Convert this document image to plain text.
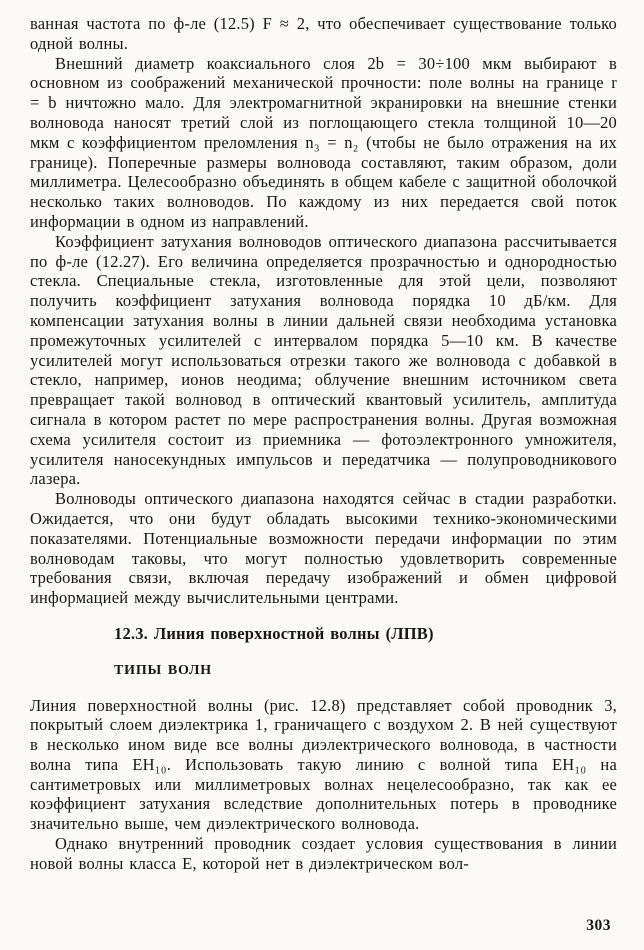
ванная частота по ф-ле (12.5) F ≈ 2, что обеспечивает существование только одной волны.

Внешний диаметр коаксиального слоя 2b = 30÷100 мкм выбирают в основном из соображений механической прочности: поле волны на границе r = b ничтожно мало. Для электромагнитной экранировки на внешние стенки волновода наносят третий слой из поглощающего стекла толщиной 10—20 мкм с коэффициентом преломления n₃ = n₂ (чтобы не было отражения на их границе). Поперечные размеры волновода составляют, таким образом, доли миллиметра. Целесообразно объединять в общем кабеле с защитной оболочкой несколько таких волноводов. По каждому из них передается свой поток информации в одном из направлений.

Коэффициент затухания волноводов оптического диапазона рассчитывается по ф-ле (12.27). Его величина определяется прозрачностью и однородностью стекла. Специальные стекла, изготовленные для этой цели, позволяют получить коэффициент затухания волновода порядка 10 дБ/км. Для компенсации затухания волны в линии дальней связи необходима установка промежуточных усилителей с интервалом порядка 5—10 км. В качестве усилителей могут использоваться отрезки такого же волновода с добавкой в стекло, например, ионов неодима; облучение внешним источником света превращает такой волновод в оптический квантовый усилитель, амплитуда сигнала в котором растет по мере распространения волны. Другая возможная схема усилителя состоит из приемника — фотоэлектронного умножителя, усилителя наносекундных импульсов и передатчика — полупроводникового лазера.

Волноводы оптического диапазона находятся сейчас в стадии разработки. Ожидается, что они будут обладать высокими технико-экономическими показателями. Потенциальные возможности передачи информации по этим волноводам таковы, что могут полностью удовлетворить современные требования связи, включая передачу изображений и обмен цифровой информацией между вычислительными центрами.

12.3. Линия поверхностной волны (ЛПВ)
ТИПЫ ВОЛН

Линия поверхностной волны (рис. 12.8) представляет собой проводник 3, покрытый слоем диэлектрика 1, граничащего с воздухом 2. В ней существуют в несколько ином виде все волны диэлектрического волновода, в частности волна типа EH₁₀. Использовать такую линию с волной типа EH₁₀ на сантиметровых или миллиметровых волнах нецелесообразно, так как ее коэффициент затухания вследствие дополнительных потерь в проводнике значительно выше, чем диэлектрического волновода.

Однако внутренний проводник создает условия существования в линии новой волны класса E, которой нет в диэлектрическом вол-

303
